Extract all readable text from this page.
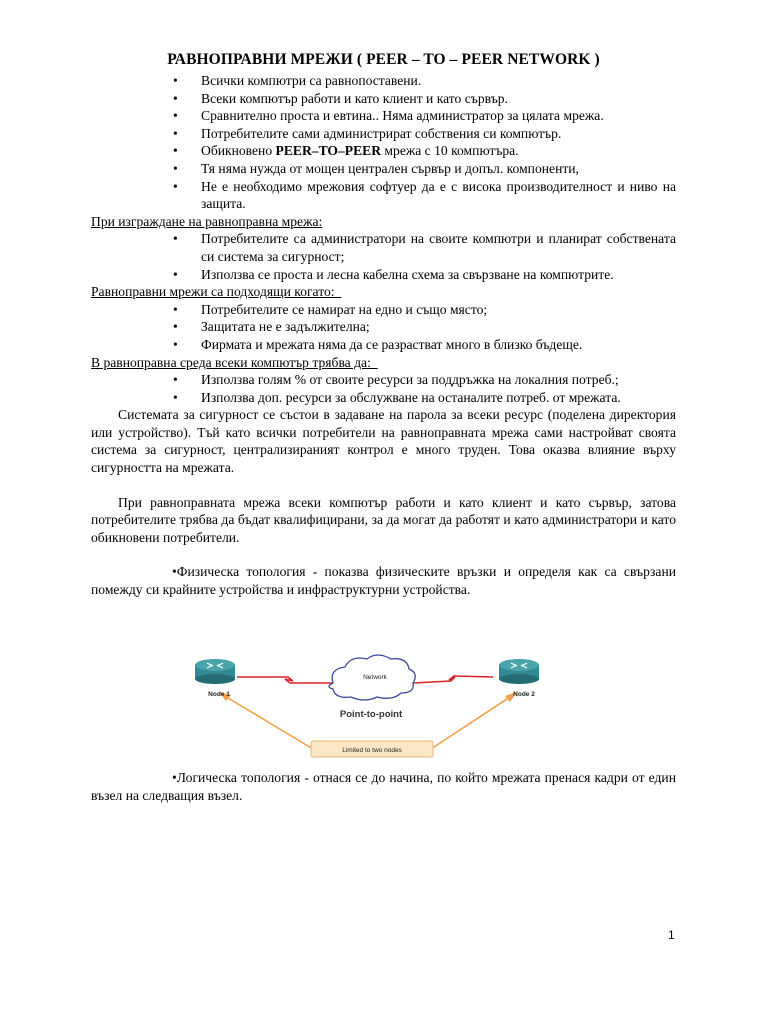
РАВНОПРАВНИ МРЕЖИ ( PEER – TO – PEER NETWORK )
• Всички компютри са равнопоставени.
• Всеки компютър работи и като клиент и като сървър.
• Сравнително проста и евтина.. Няма администратор за цялата мрежа.
• Потребителите сами администрират собствения си компютър.
• Обикновено PEER–TO–PEER мрежа с 10 компютъра.
• Тя няма нужда от мощен централен сървър и допъл. компоненти,
• Не е необходимо мрежовия софтуер да е с висока производителност и ниво на защита.
При изграждане на равноправна мрежа:
• Потребителите са администратори на своите компютри и планират собствената си система за сигурност;
• Използва се проста и лесна кабелна схема за свързване на компютрите.
Равноправни мрежи са подходящи когато:
• Потребителите се намират на едно и също място;
• Защитата не е задължителна;
• Фирмата и мрежата няма да се разрастват много в близко бъдеще.
В равноправна среда всеки компютър трябва да:
• Използва голям % от своите ресурси за поддръжка на локалния потреб.;
• Използва доп. ресурси за обслужване на останалите потреб. от мрежата.

Системата за сигурност се състои в задаване на парола за всеки ресурс (поделена директория или устройство). Тъй като всички потребители на равноправната мрежа сами настройват своята система за сигурност, централизираният контрол е много труден. Това оказва влияние върху сигурността на мрежата.

При равноправната мрежа всеки компютър работи и като клиент и като сървър, затова потребителите трябва да бъдат квалифицирани, за да могат да работят и като администратори и като обикновени потребители.

•Физическа топология - показва физическите връзки и определя как са свързани помежду си крайните устройства и инфраструктурни устройства.

Network
Node 1	Node 2
Point-to-point
Limited to two nodes

•Логическа топология - отнася се до начина, по който мрежата пренася кадри от един възел на следващия възел.

1
